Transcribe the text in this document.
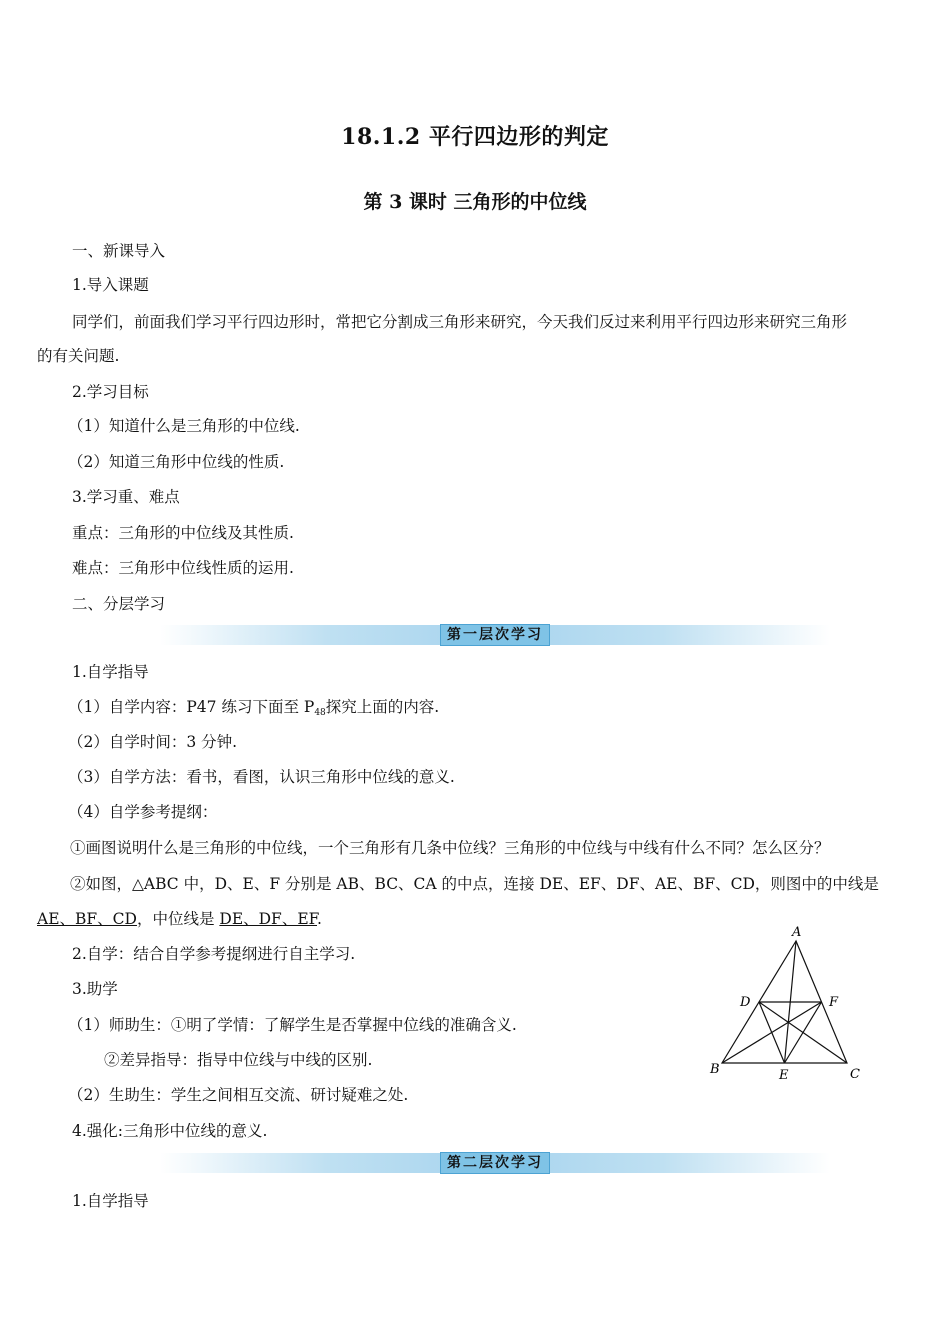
18.1.2 平行四边形的判定
第 3 课时 三角形的中位线
一、新课导入
1.导入课题
同学们，前面我们学习平行四边形时，常把它分割成三角形来研究，今天我们反过来利用平行四边形来研究三角形
的有关问题.
2.学习目标
（1）知道什么是三角形的中位线.
（2）知道三角形中位线的性质.
3.学习重、难点
重点：三角形的中位线及其性质.
难点：三角形中位线性质的运用.
二、分层学习
第一层次学习
1.自学指导
（1）自学内容：P47 练习下面至 $P_{48}$探究上面的内容.
（2）自学时间：3 分钟.
（3）自学方法：看书，看图，认识三角形中位线的意义.
（4）自学参考提纲：
①画图说明什么是三角形的中位线，一个三角形有几条中位线？三角形的中位线与中线有什么不同？怎么区分？
②如图，△ABC 中，D、E、F 分别是 AB、BC、CA 的中点，连接 DE、EF、DF、AE、BF、CD，则图中的中线是
AE、BF、CD，中位线是 DE、DF、EF.
2.自学：结合自学参考提纲进行自主学习.
3.助学
（1）师助生：①明了学情：了解学生是否掌握中位线的准确含义.
②差异指导：指导中位线与中线的区别.
（2）生助生：学生之间相互交流、研讨疑难之处.
4.强化:三角形中位线的意义.
第二层次学习
1.自学指导
A
D	F
B	E	C
